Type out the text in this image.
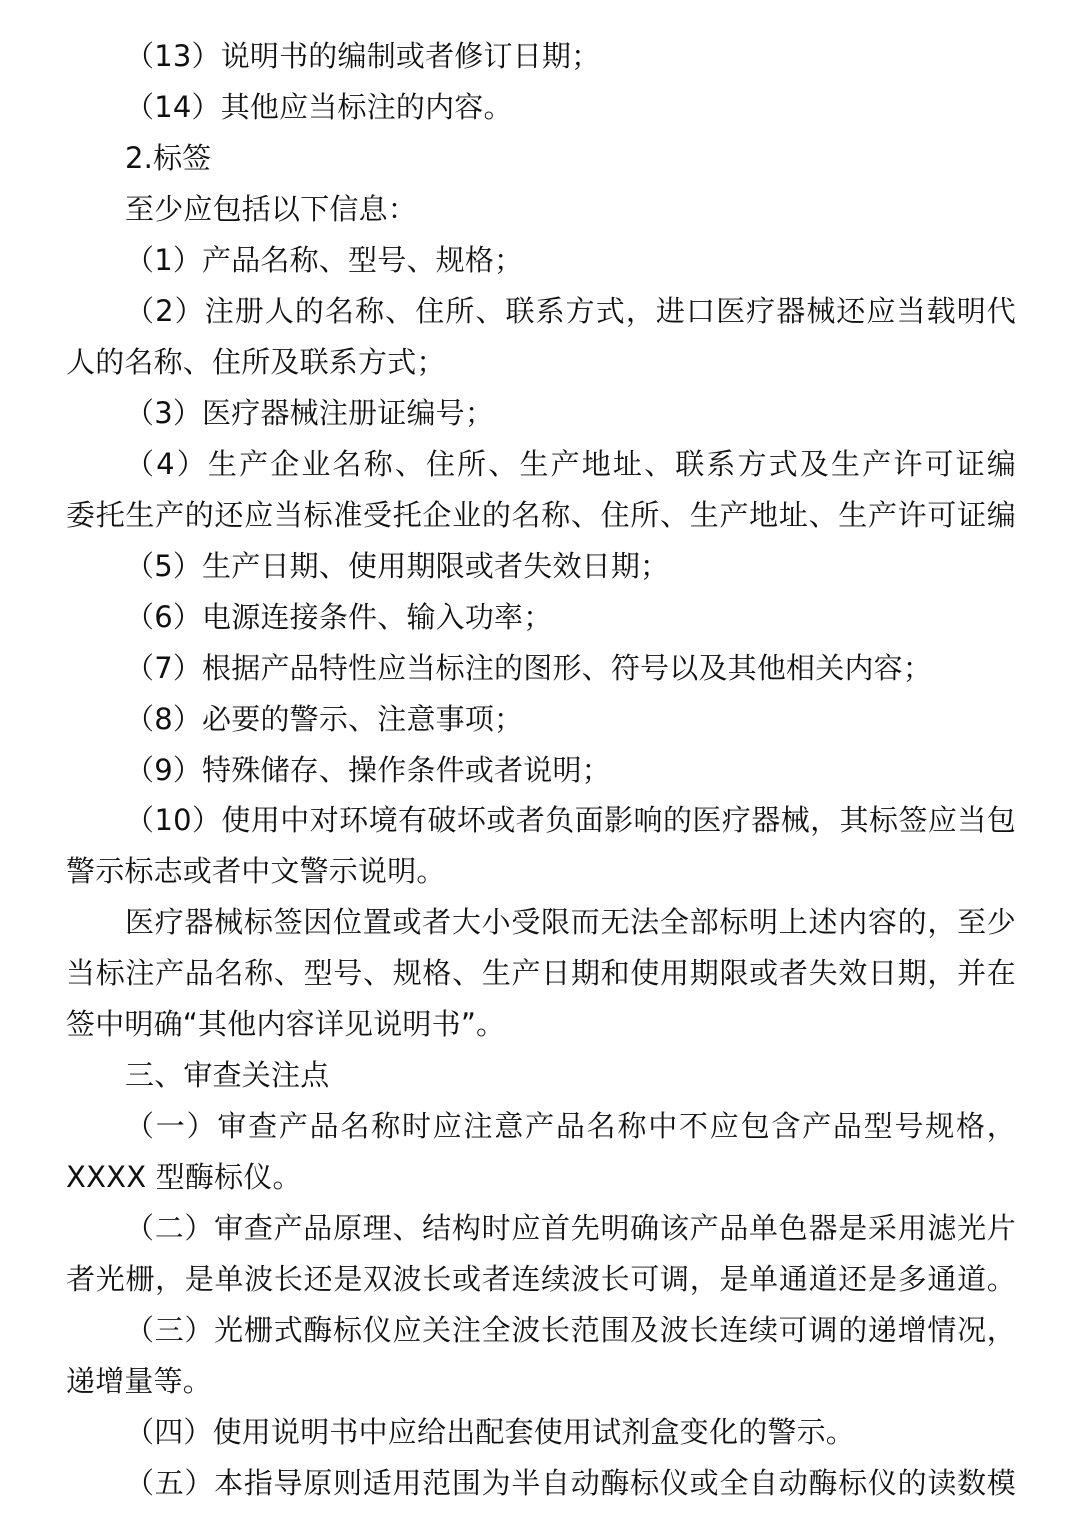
（13）说明书的编制或者修订日期；
（14）其他应当标注的内容。
2.标签
至少应包括以下信息：
（1）产品名称、型号、规格；
（2）注册人的名称、住所、联系方式，进口医疗器械还应当载明代
人的名称、住所及联系方式；
（3）医疗器械注册证编号；
（4）生产企业名称、住所、生产地址、联系方式及生产许可证编
委托生产的还应当标准受托企业的名称、住所、生产地址、生产许可证编
（5）生产日期、使用期限或者失效日期；
（6）电源连接条件、输入功率；
（7）根据产品特性应当标注的图形、符号以及其他相关内容；
（8）必要的警示、注意事项；
（9）特殊储存、操作条件或者说明；
（10）使用中对环境有破坏或者负面影响的医疗器械，其标签应当包
警示标志或者中文警示说明。
医疗器械标签因位置或者大小受限而无法全部标明上述内容的，至少
当标注产品名称、型号、规格、生产日期和使用期限或者失效日期，并在
签中明确“其他内容详见说明书”。
三、审查关注点
（一）审查产品名称时应注意产品名称中不应包含产品型号规格，
XXXX 型酶标仪。
（二）审查产品原理、结构时应首先明确该产品单色器是采用滤光片
者光栅，是单波长还是双波长或者连续波长可调，是单通道还是多通道。
（三）光栅式酶标仪应关注全波长范围及波长连续可调的递增情况，
递增量等。
（四）使用说明书中应给出配套使用试剂盒变化的警示。
（五）本指导原则适用范围为半自动酶标仪或全自动酶标仪的读数模
